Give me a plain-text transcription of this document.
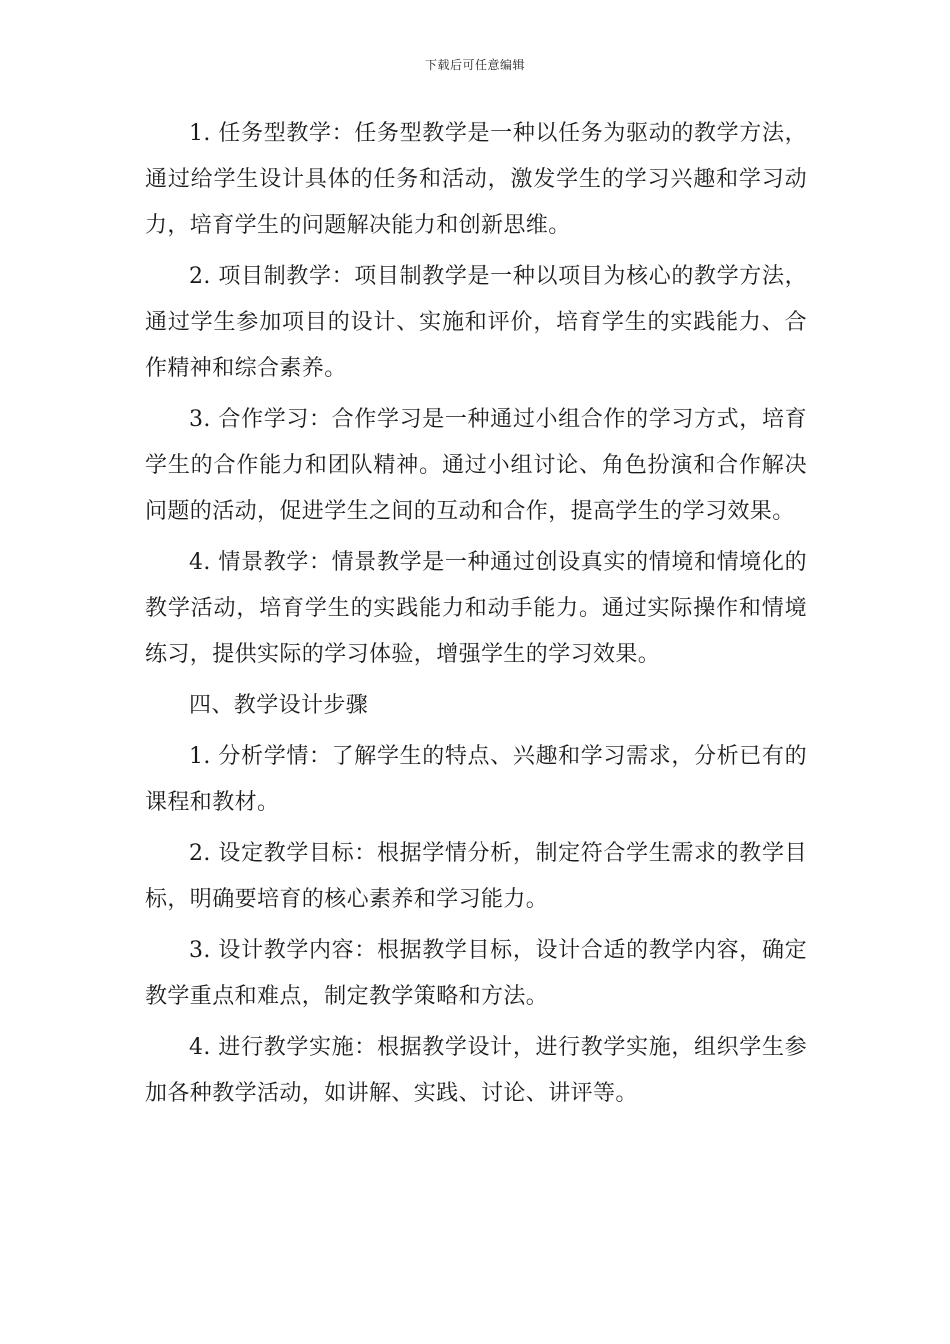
下载后可任意编辑

1. 任务型教学：任务型教学是一种以任务为驱动的教学方法，通过给学生设计具体的任务和活动，激发学生的学习兴趣和学习动力，培育学生的问题解决能力和创新思维。

2. 项目制教学：项目制教学是一种以项目为核心的教学方法，通过学生参加项目的设计、实施和评价，培育学生的实践能力、合作精神和综合素养。

3. 合作学习：合作学习是一种通过小组合作的学习方式，培育学生的合作能力和团队精神。通过小组讨论、角色扮演和合作解决问题的活动，促进学生之间的互动和合作，提高学生的学习效果。

4. 情景教学：情景教学是一种通过创设真实的情境和情境化的教学活动，培育学生的实践能力和动手能力。通过实际操作和情境练习，提供实际的学习体验，增强学生的学习效果。

四、教学设计步骤

1. 分析学情：了解学生的特点、兴趣和学习需求，分析已有的课程和教材。

2. 设定教学目标：根据学情分析，制定符合学生需求的教学目标，明确要培育的核心素养和学习能力。

3. 设计教学内容：根据教学目标，设计合适的教学内容，确定教学重点和难点，制定教学策略和方法。

4. 进行教学实施：根据教学设计，进行教学实施，组织学生参加各种教学活动，如讲解、实践、讨论、讲评等。
